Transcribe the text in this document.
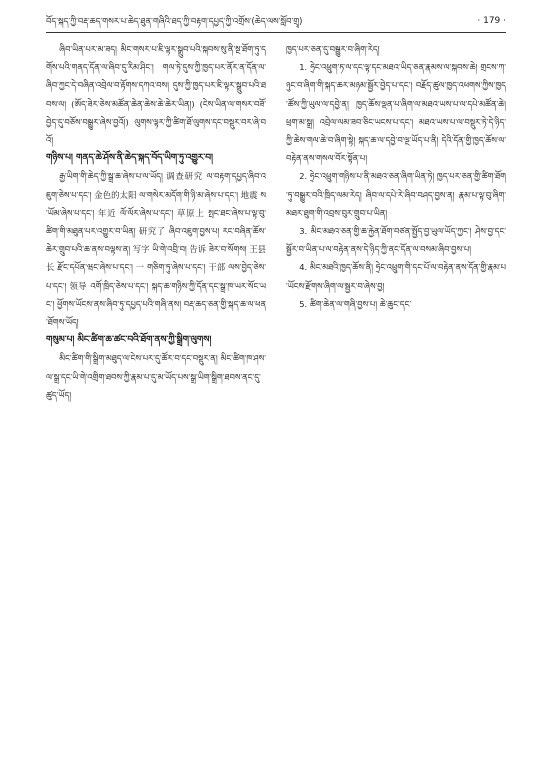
བོད་སྐད་ཀྱི་བརྡ་ཆད་གསར་པ་ཆེད་ཐུན་གཞིའི་ཐད་ཀྱི་བརྟག་དཔྱད་ཀྱི་འགྲོས་(ཆེད་ལས་སློབ་གྲྭ)	· 179 ·

ཞིབ་ཡིན་པར་མ་ཟད། མིང་གསར་པ་ཇི་ལྟར་སྒྲུབ་པའི་སྐབས་སུ་ནི་སྔ་ཐོག་ཏུ་དགོས་པའི་གནད་དོན་ལ་ཞིབ་དུ་རིམ་ཤིང་། གལ་ཏེ་དུས་ཀྱི་ཁྱད་པར་ནོར་ན་དོན་ལ་ཞིབ་ཀྱང་དེ་བཞིན་འབྲེལ་བ་རྟོགས་དཀའ་བས། དུས་ཀྱི་ཁྱད་པར་ཇི་ལྟར་སྒྲུབ་པའི་ཐབས་ལ། (ཨོད་ཟེར་ཅེས་མཚོན་ཆེན་ཆེས་ཆེ་ཆེར་ཡིན།) (ངེས་ཡིན་ལ་གསར་བཟོ་བྱེད་དུ་བཅོས་བསྒྱུར་ཞེས་བྱའོ།) ལུགས་ལྟར་ཀྱི་ཚིག་ཐོ་ལུགས་དང་བསྡུར་བར་ཞེ་བའོ།

གཉིས་པ། གནད་ཆེ་ཤོས་ནི་ཆེད་སྐད་བོད་ཡིག་ཏུ་འགྱུར་བ།

རྒྱ་ཡིག་གི་ཆེད་ཀྱི་སྒྲ་ཆ་ཞེས་པ་ལ་ཡོད། 调查研究 ལ་བརྟག་དཔྱད་ཞིབ་འཇུག་ཅེས་པ་དང་། 金色的太阳 ལ་གསེར་མདོག་གི་ཉི་མ་ཞེས་པ་དང་། 地震 ས་ཡོམ་ཞེས་པ་དང་། 年近 ལོ་ལོར་ཞེས་པ་དང་། 草原上 སྤང་ཐང་ཞེས་པ་ལྟ་བུ་ཚིག་གི་མཐུན་པར་འགྱུར་བ་ཡིན། 研究了 ཞིབ་འཇུག་བྱས་པ། རང་བཞིན་ཆོས་ཆེར་གྲུབ་པའི་ཆ་ནས་བལྟས་ན། 写字 ཡི་གེ་འབྲི་བ། 告诉 ཟེར་བ་སོགས། 王县长 རྫོང་དཔོན་ཝང་ཞེས་པ་དང་། 一 གཅིག་ཏུ་ཞེས་པ་དང་། 干部 ལས་བྱེད་ཅེས་པ་དང་། 领导 འགོ་ཁྲིད་ཅེས་པ་དང་། སྐད་ཆ་གཉིས་ཀྱི་དོན་དང་སྒྲ་ཁ་ཡར་སོང་ཡང་། ཕྱོགས་ཡོངས་ནས་ཞིབ་ཏུ་དཔྱད་པའི་གཞི་ནས། བརྡ་ཆད་ཅན་གྱི་སྐད་ཆ་ལ་ཕན་ཐོགས་ཡོད།

གསུམ་པ། མིང་ཚིག་ཆ་ཚང་བའི་ཐོག་ནས་ཀྱི་སྒྲིག་ལུགས།

མིང་ཚིག་གི་སྒྲིག་མཐུད་ལ་ངེས་པར་དུ་ཚོར་བ་དང་བསྡུར་ན། མིང་ཚིག་ཁ་ཤས་ལ་སྒྲ་དང་ཡི་གེ་འགྲིག་ཐབས་ཀྱི་རྣམ་པ་དུ་མ་ཡོད་པས་སྒྲ་ཡིག་སྒྲིག་ཐབས་ནང་དུ་ཚུད་ཡོད།

ཁྱད་པར་ཅན་དུ་བསྒྱུར་བ་ཞིག་རེད།

1. ཧྲེང་འཕྲུག་ཏ་ལ་དང་ལྟ་དང་མཐའ་ཡིད་ཅན་རྣམས་ལ་སྐབས་ཆེ། གྲངས་ཀ་ཉུང་བ་ཞིག་གི་སྐད་ཆར་མཉམ་སྦྱོར་བྱེད་པ་དང་། བརྗོད་ཚུལ་ཁྱད་འཕགས་ཀྱིས་ཁྱད་ཚོས་ཀྱི་ཡུལ་ལ་དབྱེ་ན། ཁྱད་ཆོས་ལྡན་པ་ཞིག་ལ་མཐའ་ཡས་པ་ལ་དཔེ་མཚོན་ཆེ། ཕྲག་མ་སྒྲ། འབྲེལ་ལམ་ཟབ་ཅིང་ཡངས་པ་དང་། མཐའ་ཡས་པ་ལ་བསྡུར་ཏེ་དེ་ཉིད་ཀྱི་ཆེས་གལ་ཆེ་བ་ཞིག་སྟེ། སྐད་ཆ་ལ་དབྱེ་བ་ལྔ་ཡོད་པ་ནི། དེའི་དོན་གྱི་ཁྱད་ཆོས་ལ་བརྟེན་ནས་གསལ་བོར་སྟོན་པ།

2. ཧྲེང་འཕྲུག་གཉིས་པ་ནི་མཐའ་ཅན་ཞིག་ཡིན་ཏེ། ཁྱད་པར་ཅན་གྱི་ཚིག་ཐོག་ཏུ་བསྒྱུར་བའི་ཁྲིད་ལམ་རེད། ཞིབ་ལ་དཔེ་རེ་ཞིབ་བཤད་བྱས་ན། རྣམ་པ་ལྟ་བུ་ཞིག་མཐར་ཐུག་གི་འབྲས་བུར་གྲུབ་པ་ཡིན།

3. མིང་མཐའ་ཅན་གྱི་ཆ་རྐྱེན་ཐོག་བཙན་སྤྱོད་བྱ་ཡུལ་ཡོད་ཀྱང་། ཤེས་བྱ་དང་སྦྱོར་བ་ཡིན་པ་ལ་བརྟེན་ནས་དེ་ཉིད་ཀྱི་ནང་དོན་ལ་བསམ་ཞིབ་བྱས་པ།

4. མིང་མཐའི་ཁྱད་ཆོས་ནི། ཧྲེང་འཕྲུག་གི་དང་པོ་ལ་བརྟེན་ནས་དོན་གྱི་རྣམ་པ་ཡོངས་རྫོགས་ཞིག་ལ་སྦྱར་བ་ཞེས་བྱ།

5. ཚིག་ཆེན་ལ་གཞི་བྱས་པ། ཆེ་ཆུང་དང་
